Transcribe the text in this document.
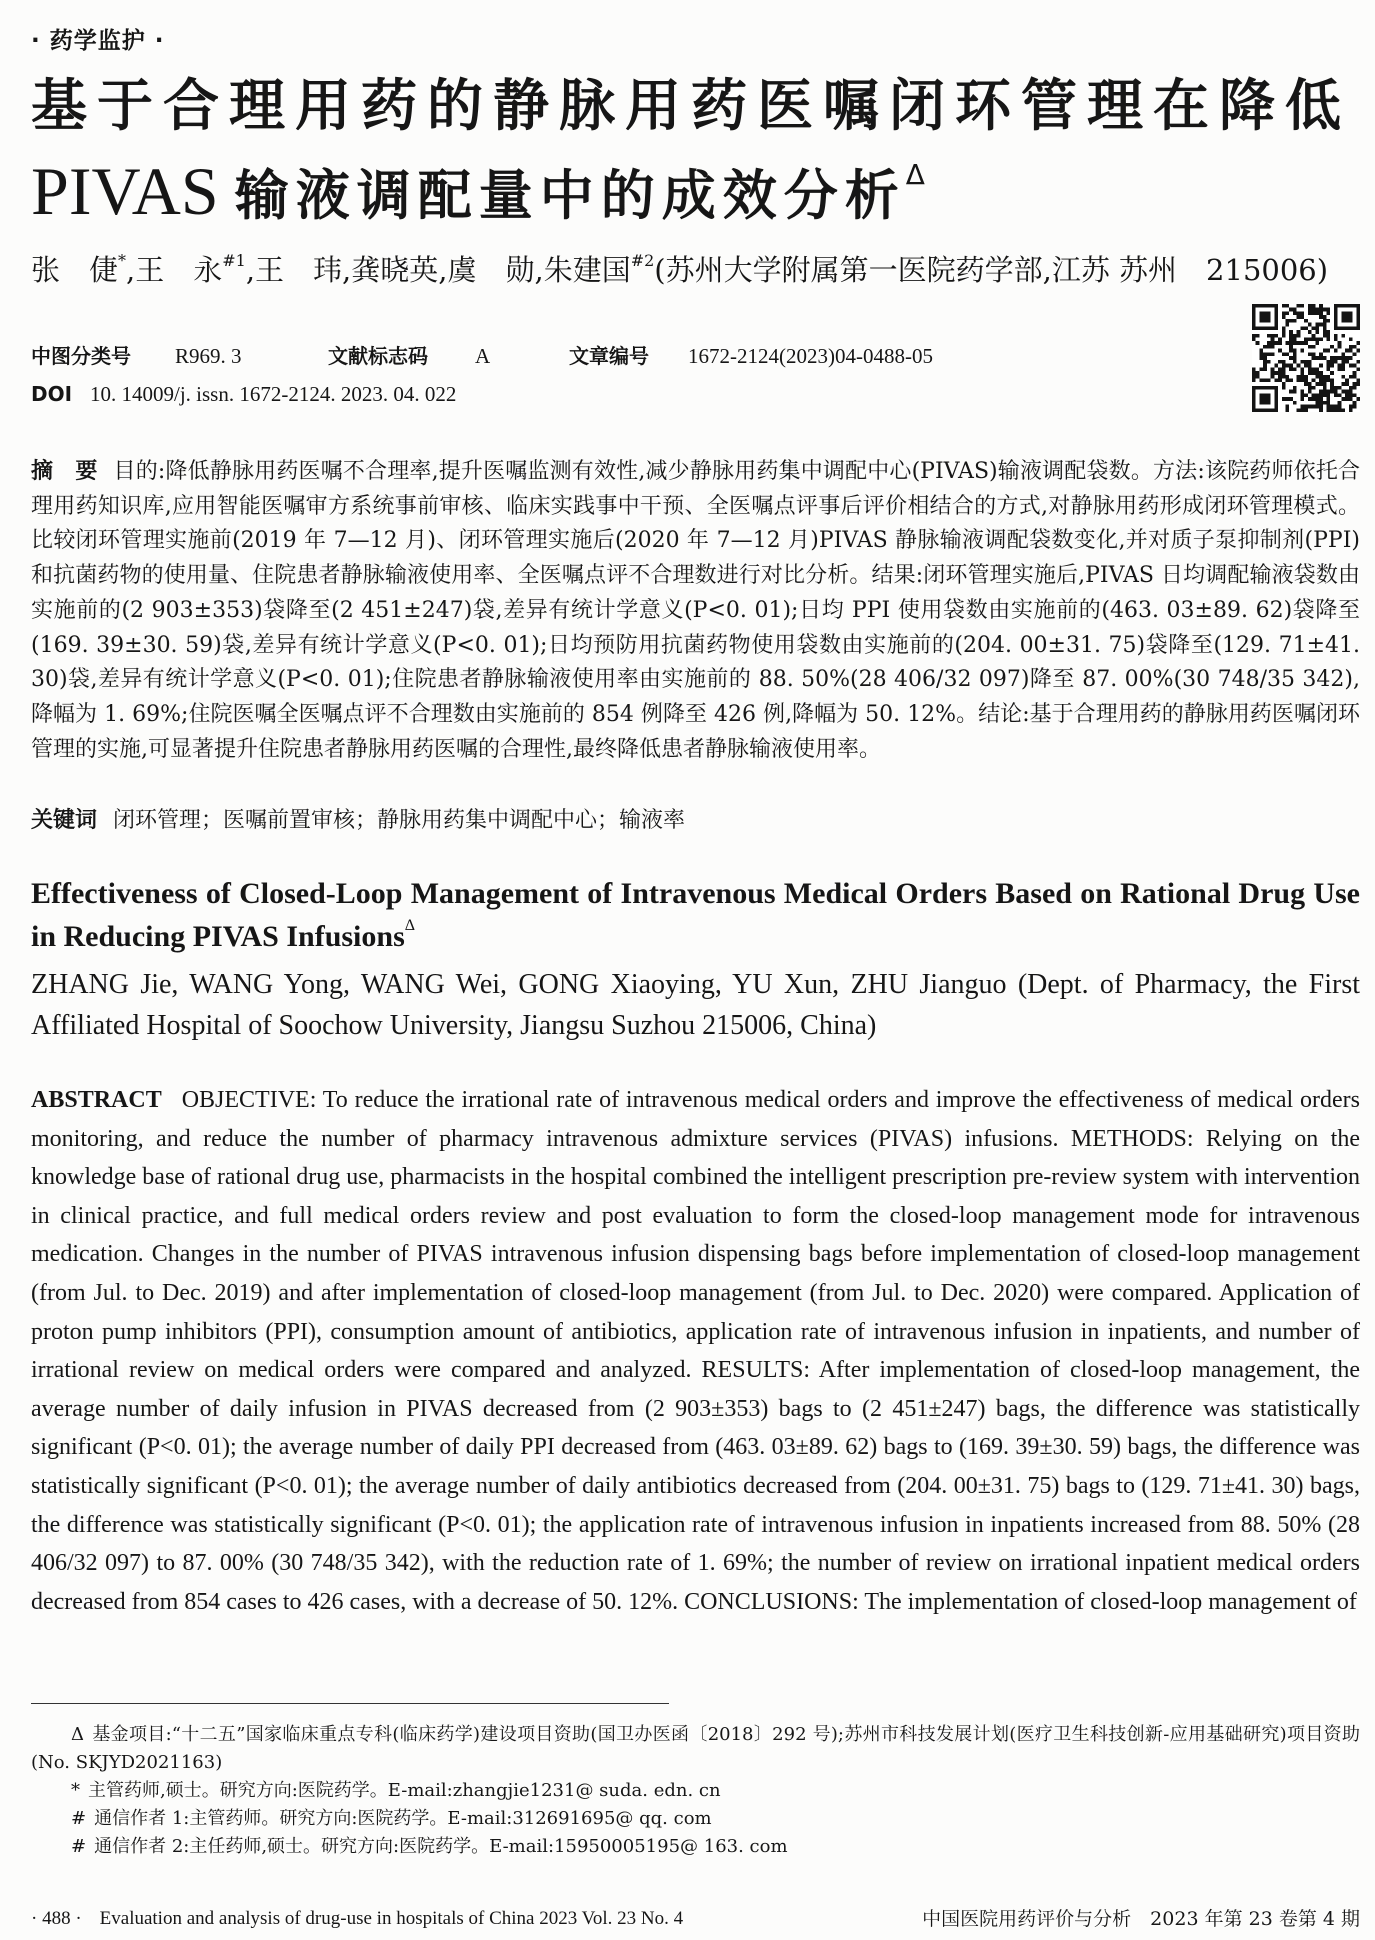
· 药学监护 ·
基于合理用药的静脉用药医嘱闭环管理在降低
PIVAS 输液调配量中的成效分析$^\Delta$
张　倢*,王　永$^{\#1}$,王　玮,龚晓英,虞　勋,朱建国$^{\#2}$(苏州大学附属第一医院药学部,江苏 苏州　215006)
中图分类号 R969. 3	文献标志码 A	文章编号 1672-2124(2023)04-0488-05
DOI 10. 14009/j. issn. 1672-2124. 2023. 04. 022
摘　要 目的:降低静脉用药医嘱不合理率,提升医嘱监测有效性,减少静脉用药集中调配中心(PIVAS)输液调配袋数。方法:该院药师依托合理用药知识库,应用智能医嘱审方系统事前审核、临床实践事中干预、全医嘱点评事后评价相结合的方式,对静脉用药形成闭环管理模式。比较闭环管理实施前(2019 年 7—12 月)、闭环管理实施后(2020 年 7—12 月)PIVAS 静脉输液调配袋数变化,并对质子泵抑制剂(PPI)和抗菌药物的使用量、住院患者静脉输液使用率、全医嘱点评不合理数进行对比分析。结果:闭环管理实施后,PIVAS 日均调配输液袋数由实施前的(2 903±353)袋降至(2 451±247)袋,差异有统计学意义(P<0. 01);日均 PPI 使用袋数由实施前的(463. 03±89. 62)袋降至(169. 39±30. 59)袋,差异有统计学意义(P<0. 01);日均预防用抗菌药物使用袋数由实施前的(204. 00±31. 75)袋降至(129. 71±41. 30)袋,差异有统计学意义(P<0. 01);住院患者静脉输液使用率由实施前的 88. 50%(28 406/32 097)降至 87. 00%(30 748/35 342),降幅为 1. 69%;住院医嘱全医嘱点评不合理数由实施前的 854 例降至 426 例,降幅为 50. 12%。结论:基于合理用药的静脉用药医嘱闭环管理的实施,可显著提升住院患者静脉用药医嘱的合理性,最终降低患者静脉输液使用率。
关键词 闭环管理；医嘱前置审核；静脉用药集中调配中心；输液率
Effectiveness of Closed-Loop Management of Intravenous Medical Orders Based on Rational Drug Use in Reducing PIVAS Infusions$^\Delta$
ZHANG Jie, WANG Yong, WANG Wei, GONG Xiaoying, YU Xun, ZHU Jianguo (Dept. of Pharmacy, the First Affiliated Hospital of Soochow University, Jiangsu Suzhou 215006, China)
ABSTRACT OBJECTIVE: To reduce the irrational rate of intravenous medical orders and improve the effectiveness of medical orders monitoring, and reduce the number of pharmacy intravenous admixture services (PIVAS) infusions. METHODS: Relying on the knowledge base of rational drug use, pharmacists in the hospital combined the intelligent prescription pre-review system with intervention in clinical practice, and full medical orders review and post evaluation to form the closed-loop management mode for intravenous medication. Changes in the number of PIVAS intravenous infusion dispensing bags before implementation of closed-loop management (from Jul. to Dec. 2019) and after implementation of closed-loop management (from Jul. to Dec. 2020) were compared. Application of proton pump inhibitors (PPI), consumption amount of antibiotics, application rate of intravenous infusion in inpatients, and number of irrational review on medical orders were compared and analyzed. RESULTS: After implementation of closed-loop management, the average number of daily infusion in PIVAS decreased from (2 903±353) bags to (2 451±247) bags, the difference was statistically significant (P<0. 01); the average number of daily PPI decreased from (463. 03±89. 62) bags to (169. 39±30. 59) bags, the difference was statistically significant (P<0. 01); the average number of daily antibiotics decreased from (204. 00±31. 75) bags to (129. 71±41. 30) bags, the difference was statistically significant (P<0. 01); the application rate of intravenous infusion in inpatients increased from 88. 50% (28 406/32 097) to 87. 00% (30 748/35 342), with the reduction rate of 1. 69%; the number of review on irrational inpatient medical orders decreased from 854 cases to 426 cases, with a decrease of 50. 12%. CONCLUSIONS: The implementation of closed-loop management of
Δ 基金项目:“十二五”国家临床重点专科(临床药学)建设项目资助(国卫办医函〔2018〕292 号);苏州市科技发展计划(医疗卫生科技创新-应用基础研究)项目资助(No. SKJYD2021163)
* 主管药师,硕士。研究方向:医院药学。E-mail:zhangjie1231@ suda. edn. cn
# 通信作者 1:主管药师。研究方向:医院药学。E-mail:312691695@ qq. com
# 通信作者 2:主任药师,硕士。研究方向:医院药学。E-mail:15950005195@ 163. com
· 488 · Evaluation and analysis of drug-use in hospitals of China 2023 Vol. 23 No. 4	中国医院用药评价与分析　2023 年第 23 卷第 4 期
